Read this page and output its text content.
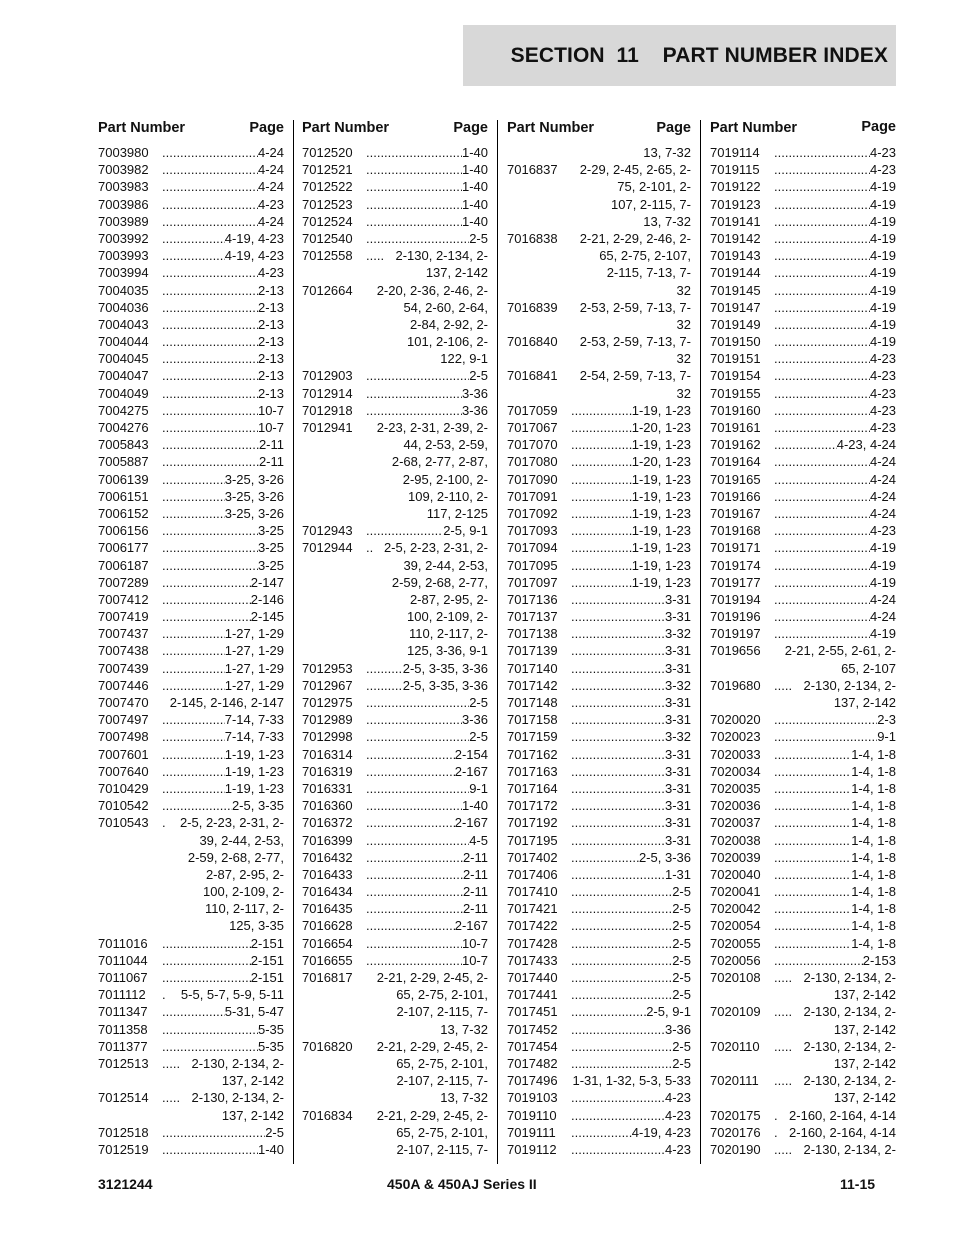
SECTION  11    PART NUMBER INDEX
Part Number	Page
7003980 .....	4-24
7003982 .....	4-24
7003983 .....	4-24
7003986 .....	4-23
7003989 .....	4-24
7003992 .....	4-19, 4-23
7003993 .....	4-19, 4-23
7003994 .....	4-23
7004035 .....	2-13
7004036 .....	2-13
7004043 .....	2-13
7004044 .....	2-13
7004045 .....	2-13
7004047 .....	2-13
7004049 .....	2-13
7004275 .....	10-7
7004276 .....	10-7
7005843 .....	2-11
7005887 .....	2-11
7006139 .....	3-25, 3-26
7006151 .....	3-25, 3-26
7006152 .....	3-25, 3-26
7006156 .....	3-25
7006177 .....	3-25
7006187 .....	3-25
7007289 .....	2-147
7007412 .....	2-146
7007419 .....	2-145
7007437 .....	1-27, 1-29
7007438 .....	1-27, 1-29
7007439 .....	1-27, 1-29
7007446 .....	1-27, 1-29
7007470	2-145, 2-146, 2-147
7007497 .....	7-14, 7-33
7007498 .....	7-14, 7-33
7007601 .....	1-19, 1-23
7007640 .....	1-19, 1-23
7010429 .....	1-19, 1-23
7010542 .....	2-5, 3-35
7010543	.	2-5, 2-23, 2-31, 2-
39, 2-44, 2-53,
2-59, 2-68, 2-77,
2-87, 2-95, 2-
100, 2-109, 2-
110, 2-117, 2-
125, 3-35
7011016 .....	2-151
7011044 .....	2-151
7011067 .....	2-151
7011112	.	5-5, 5-7, 5-9, 5-11
7011347 .....	5-31, 5-47
7011358 .....	5-35
7011377 .....	5-35
7012513	..... 2-130, 2-134, 2-
137, 2-142
7012514	..... 2-130, 2-134, 2-
137, 2-142
7012518 .....	2-5
7012519 .....	1-40
Part Number	Page
7012520 .....	1-40
7012521 .....	1-40
7012522 .....	1-40
7012523 .....	1-40
7012524 .....	1-40
7012540 .....	2-5
7012558	..... 2-130, 2-134, 2-
137, 2-142
7012664	2-20, 2-36, 2-46, 2-
54, 2-60, 2-64,
2-84, 2-92, 2-
101, 2-106, 2-
122, 9-1
7012903 .....	2-5
7012914 .....	3-36
7012918 .....	3-36
7012941	2-23, 2-31, 2-39, 2-
44, 2-53, 2-59,
2-68, 2-77, 2-87,
2-95, 2-100, 2-
109, 2-110, 2-
117, 2-125
7012943 .....	2-5, 9-1
7012944	.. 2-5, 2-23, 2-31, 2-
39, 2-44, 2-53,
2-59, 2-68, 2-77,
2-87, 2-95, 2-
100, 2-109, 2-
110, 2-117, 2-
125, 3-36, 9-1
7012953 .....	2-5, 3-35, 3-36
7012967 .....	2-5, 3-35, 3-36
7012975 .....	2-5
7012989 .....	3-36
7012998 .....	2-5
7016314 .....	2-154
7016319 .....	2-167
7016331 .....	9-1
7016360 .....	1-40
7016372 .....	2-167
7016399 .....	4-5
7016432 .....	2-11
7016433 .....	2-11
7016434 .....	2-11
7016435 .....	2-11
7016628 .....	2-167
7016654 .....	10-7
7016655 .....	10-7
7016817	2-21, 2-29, 2-45, 2-
65, 2-75, 2-101,
2-107, 2-115, 7-
13, 7-32
7016820	2-21, 2-29, 2-45, 2-
65, 2-75, 2-101,
2-107, 2-115, 7-
13, 7-32
7016834	2-21, 2-29, 2-45, 2-
65, 2-75, 2-101,
2-107, 2-115, 7-
Part Number	Page
13, 7-32
7016837	2-29, 2-45, 2-65, 2-
75, 2-101, 2-
107, 2-115, 7-
13, 7-32
7016838	2-21, 2-29, 2-46, 2-
65, 2-75, 2-107,
2-115, 7-13, 7-
32
7016839	2-53, 2-59, 7-13, 7-
32
7016840	2-53, 2-59, 7-13, 7-
32
7016841	2-54, 2-59, 7-13, 7-
32
7017059 .....	1-19, 1-23
7017067 .....	1-20, 1-23
7017070 .....	1-19, 1-23
7017080 .....	1-20, 1-23
7017090 .....	1-19, 1-23
7017091 .....	1-19, 1-23
7017092 .....	1-19, 1-23
7017093 .....	1-19, 1-23
7017094 .....	1-19, 1-23
7017095 .....	1-19, 1-23
7017097 .....	1-19, 1-23
7017136 .....	3-31
7017137 .....	3-31
7017138 .....	3-32
7017139 .....	3-31
7017140 .....	3-31
7017142 .....	3-32
7017148 .....	3-31
7017158 .....	3-31
7017159 .....	3-32
7017162 .....	3-31
7017163 .....	3-31
7017164 .....	3-31
7017172 .....	3-31
7017192 .....	3-31
7017195 .....	3-31
7017402 .....	2-5, 3-36
7017406 .....	1-31
7017410 .....	2-5
7017421 .....	2-5
7017422 .....	2-5
7017428 .....	2-5
7017433 .....	2-5
7017440 .....	2-5
7017441 .....	2-5
7017451 .....	2-5, 9-1
7017452 .....	3-36
7017454 .....	2-5
7017482 .....	2-5
7017496	1-31, 1-32, 5-3, 5-33
7019103 .....	4-23
7019110 .....	4-23
7019111 .....	4-19, 4-23
7019112 .....	4-23
Part Number	Page
7019114 .....	4-23
7019115 .....	4-23
7019122 .....	4-19
7019123 .....	4-19
7019141 .....	4-19
7019142 .....	4-19
7019143 .....	4-19
7019144 .....	4-19
7019145 .....	4-19
7019147 .....	4-19
7019149 .....	4-19
7019150 .....	4-19
7019151 .....	4-23
7019154 .....	4-23
7019155 .....	4-23
7019160 .....	4-23
7019161 .....	4-23
7019162 .....	4-23, 4-24
7019164 .....	4-24
7019165 .....	4-24
7019166 .....	4-24
7019167 .....	4-24
7019168 .....	4-23
7019171 .....	4-19
7019174 .....	4-19
7019177 .....	4-19
7019194 .....	4-24
7019196 .....	4-24
7019197 .....	4-19
7019656	2-21, 2-55, 2-61, 2-
65, 2-107
7019680	..... 2-130, 2-134, 2-
137, 2-142
7020020 .....	2-3
7020023 .....	9-1
7020033 .....	1-4, 1-8
7020034 .....	1-4, 1-8
7020035 .....	1-4, 1-8
7020036 .....	1-4, 1-8
7020037 .....	1-4, 1-8
7020038 .....	1-4, 1-8
7020039 .....	1-4, 1-8
7020040 .....	1-4, 1-8
7020041 .....	1-4, 1-8
7020042 .....	1-4, 1-8
7020054 .....	1-4, 1-8
7020055 .....	1-4, 1-8
7020056 .....	2-153
7020108	..... 2-130, 2-134, 2-
137, 2-142
7020109	..... 2-130, 2-134, 2-
137, 2-142
7020110	..... 2-130, 2-134, 2-
137, 2-142
7020111	..... 2-130, 2-134, 2-
137, 2-142
7020175	. 2-160, 2-164, 4-14
7020176	. 2-160, 2-164, 4-14
7020190	..... 2-130, 2-134, 2-
3121244	450A & 450AJ Series II	11-15
